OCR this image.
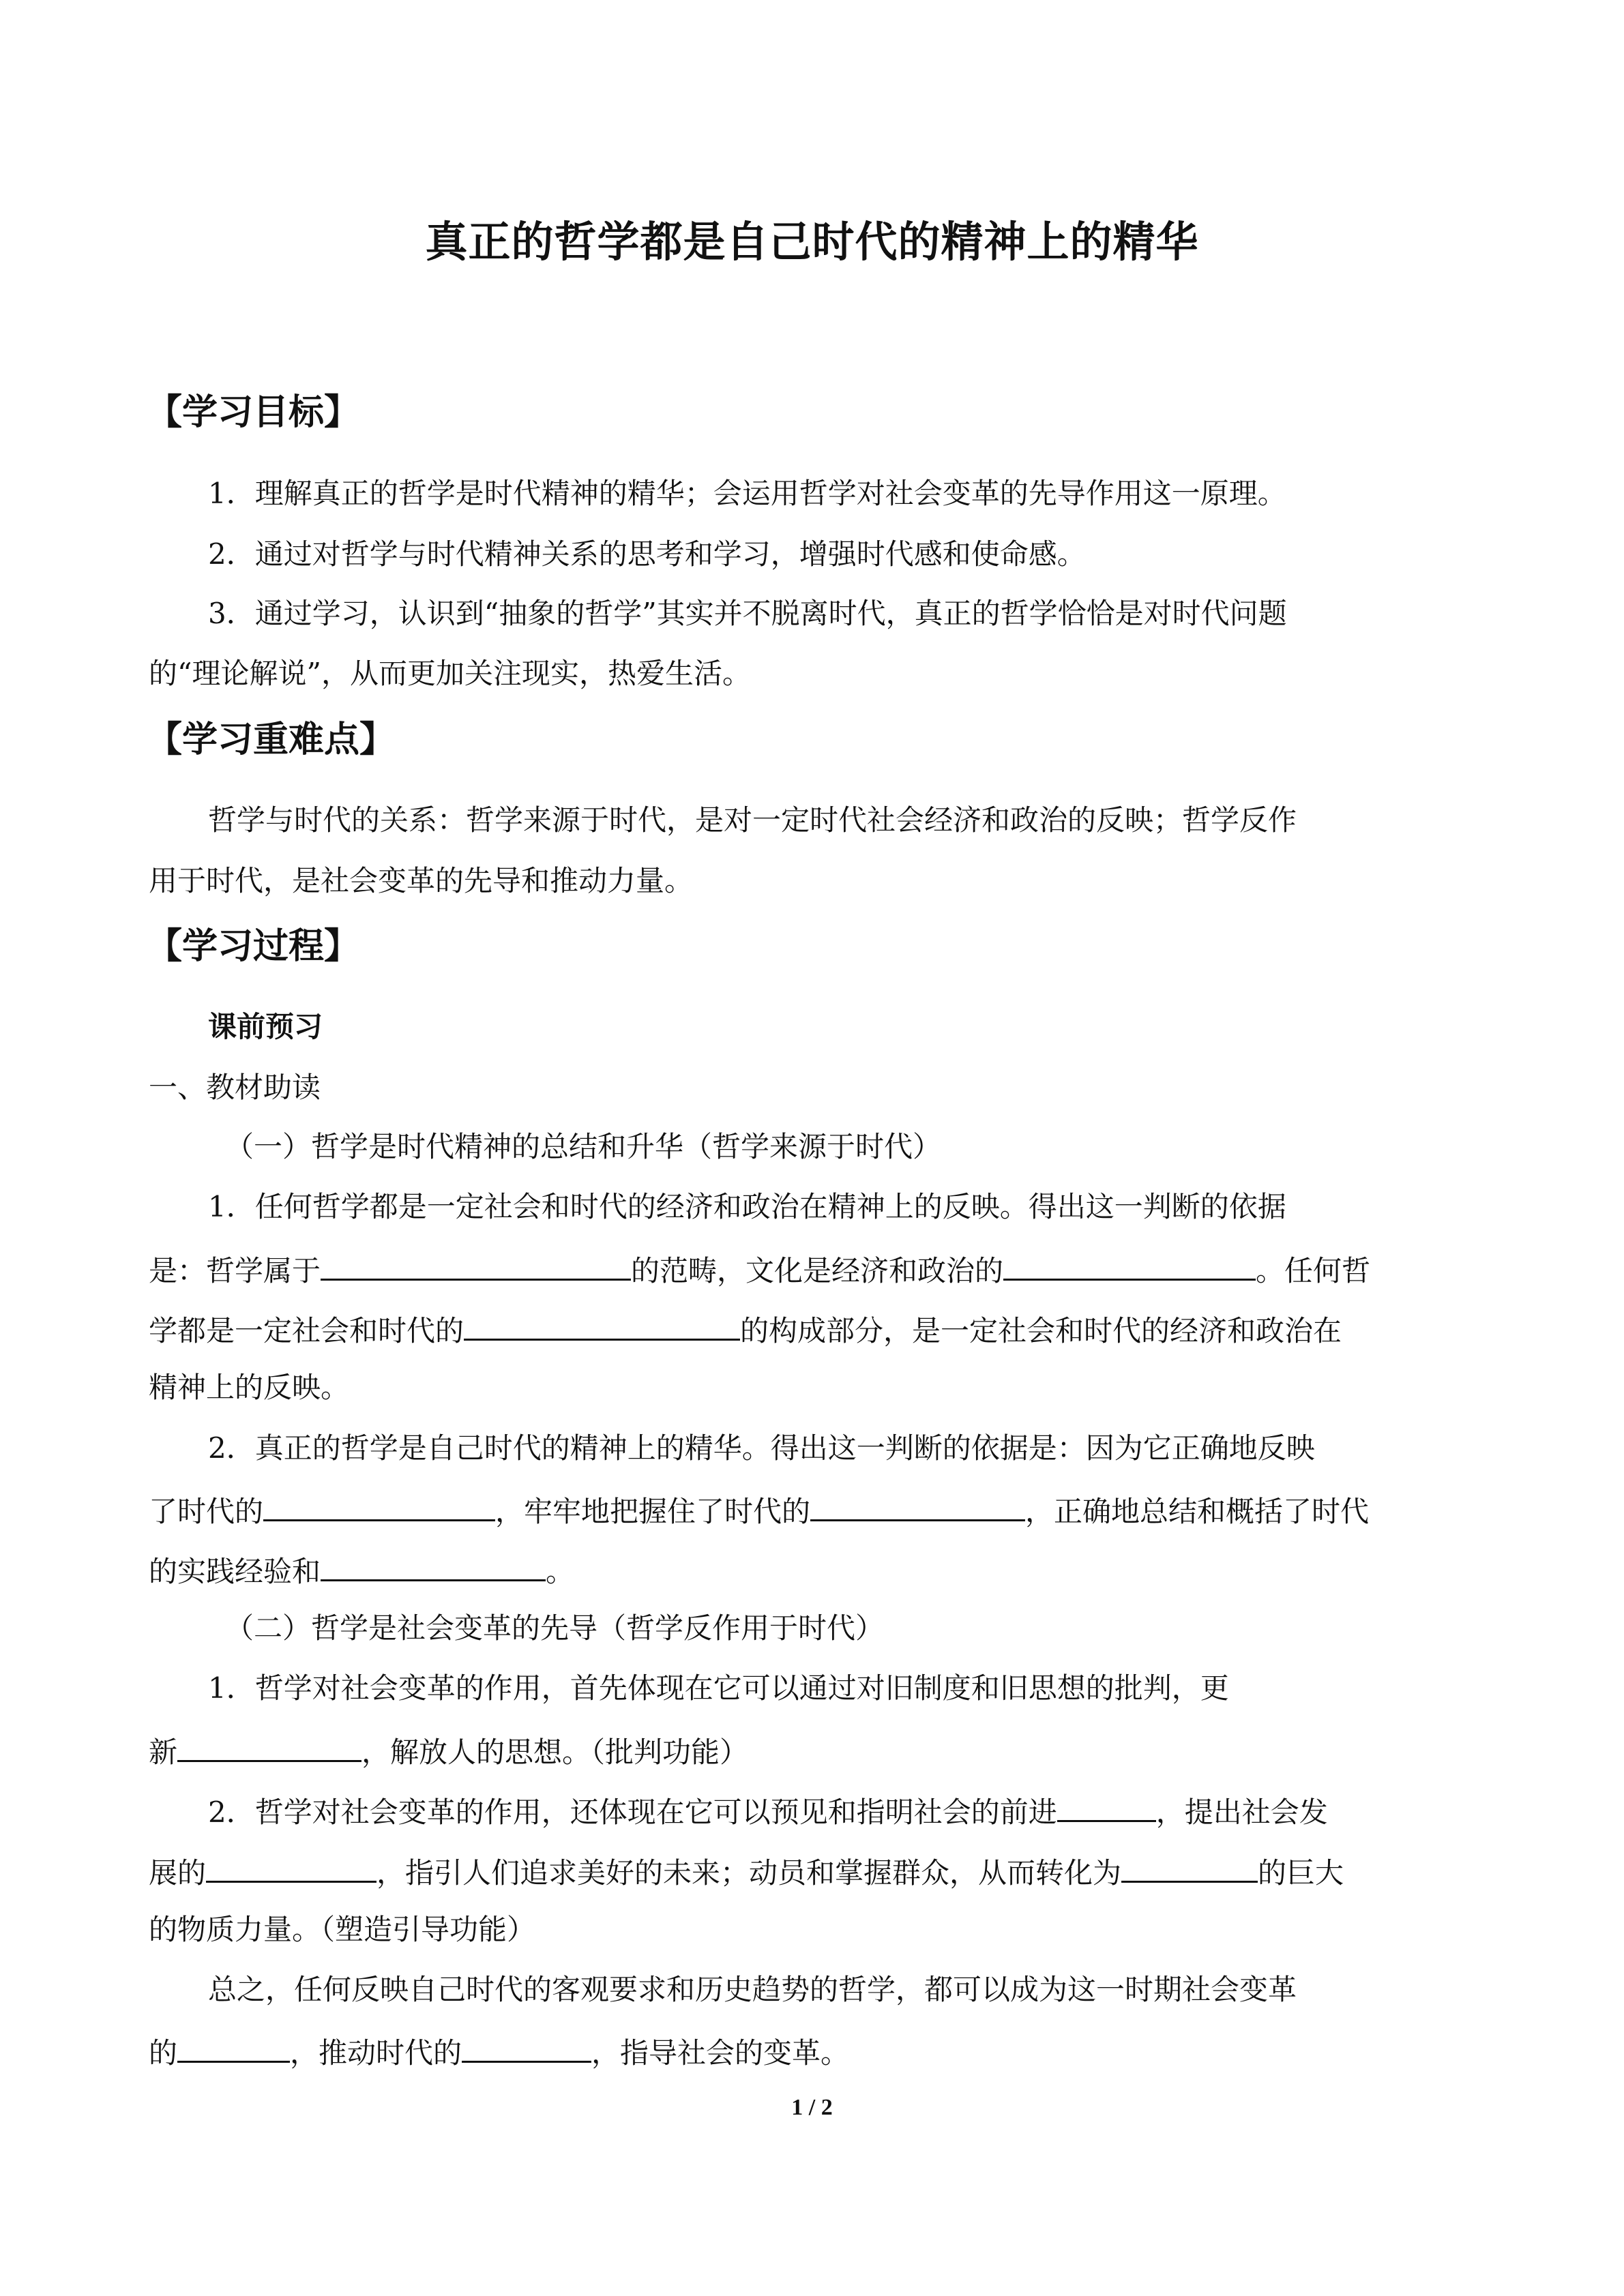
真正的哲学都是自己时代的精神上的精华
【学习目标】
1．理解真正的哲学是时代精神的精华；会运用哲学对社会变革的先导作用这一原理。
2．通过对哲学与时代精神关系的思考和学习，增强时代感和使命感。
3．通过学习，认识到“抽象的哲学”其实并不脱离时代，真正的哲学恰恰是对时代问题
的“理论解说”，从而更加关注现实，热爱生活。
【学习重难点】
哲学与时代的关系：哲学来源于时代，是对一定时代社会经济和政治的反映；哲学反作
用于时代，是社会变革的先导和推动力量。
【学习过程】
课前预习
一、教材助读
（一）哲学是时代精神的总结和升华（哲学来源于时代）
1．任何哲学都是一定社会和时代的经济和政治在精神上的反映。得出这一判断的依据
是：哲学属于	的范畴，文化是经济和政治的	。任何哲
学都是一定社会和时代的	的构成部分，是一定社会和时代的经济和政治在
精神上的反映。
2．真正的哲学是自己时代的精神上的精华。得出这一判断的依据是：因为它正确地反映
了时代的	，牢牢地把握住了时代的	，正确地总结和概括了时代
的实践经验和	。
（二）哲学是社会变革的先导（哲学反作用于时代）
1．哲学对社会变革的作用，首先体现在它可以通过对旧制度和旧思想的批判，更
新	，解放人的思想。（批判功能）
2．哲学对社会变革的作用，还体现在它可以预见和指明社会的前进	，提出社会发
展的	，指引人们追求美好的未来；动员和掌握群众，从而转化为	的巨大
的物质力量。（塑造引导功能）
总之，任何反映自己时代的客观要求和历史趋势的哲学，都可以成为这一时期社会变革
的	，推动时代的	，指导社会的变革。
1 / 2
